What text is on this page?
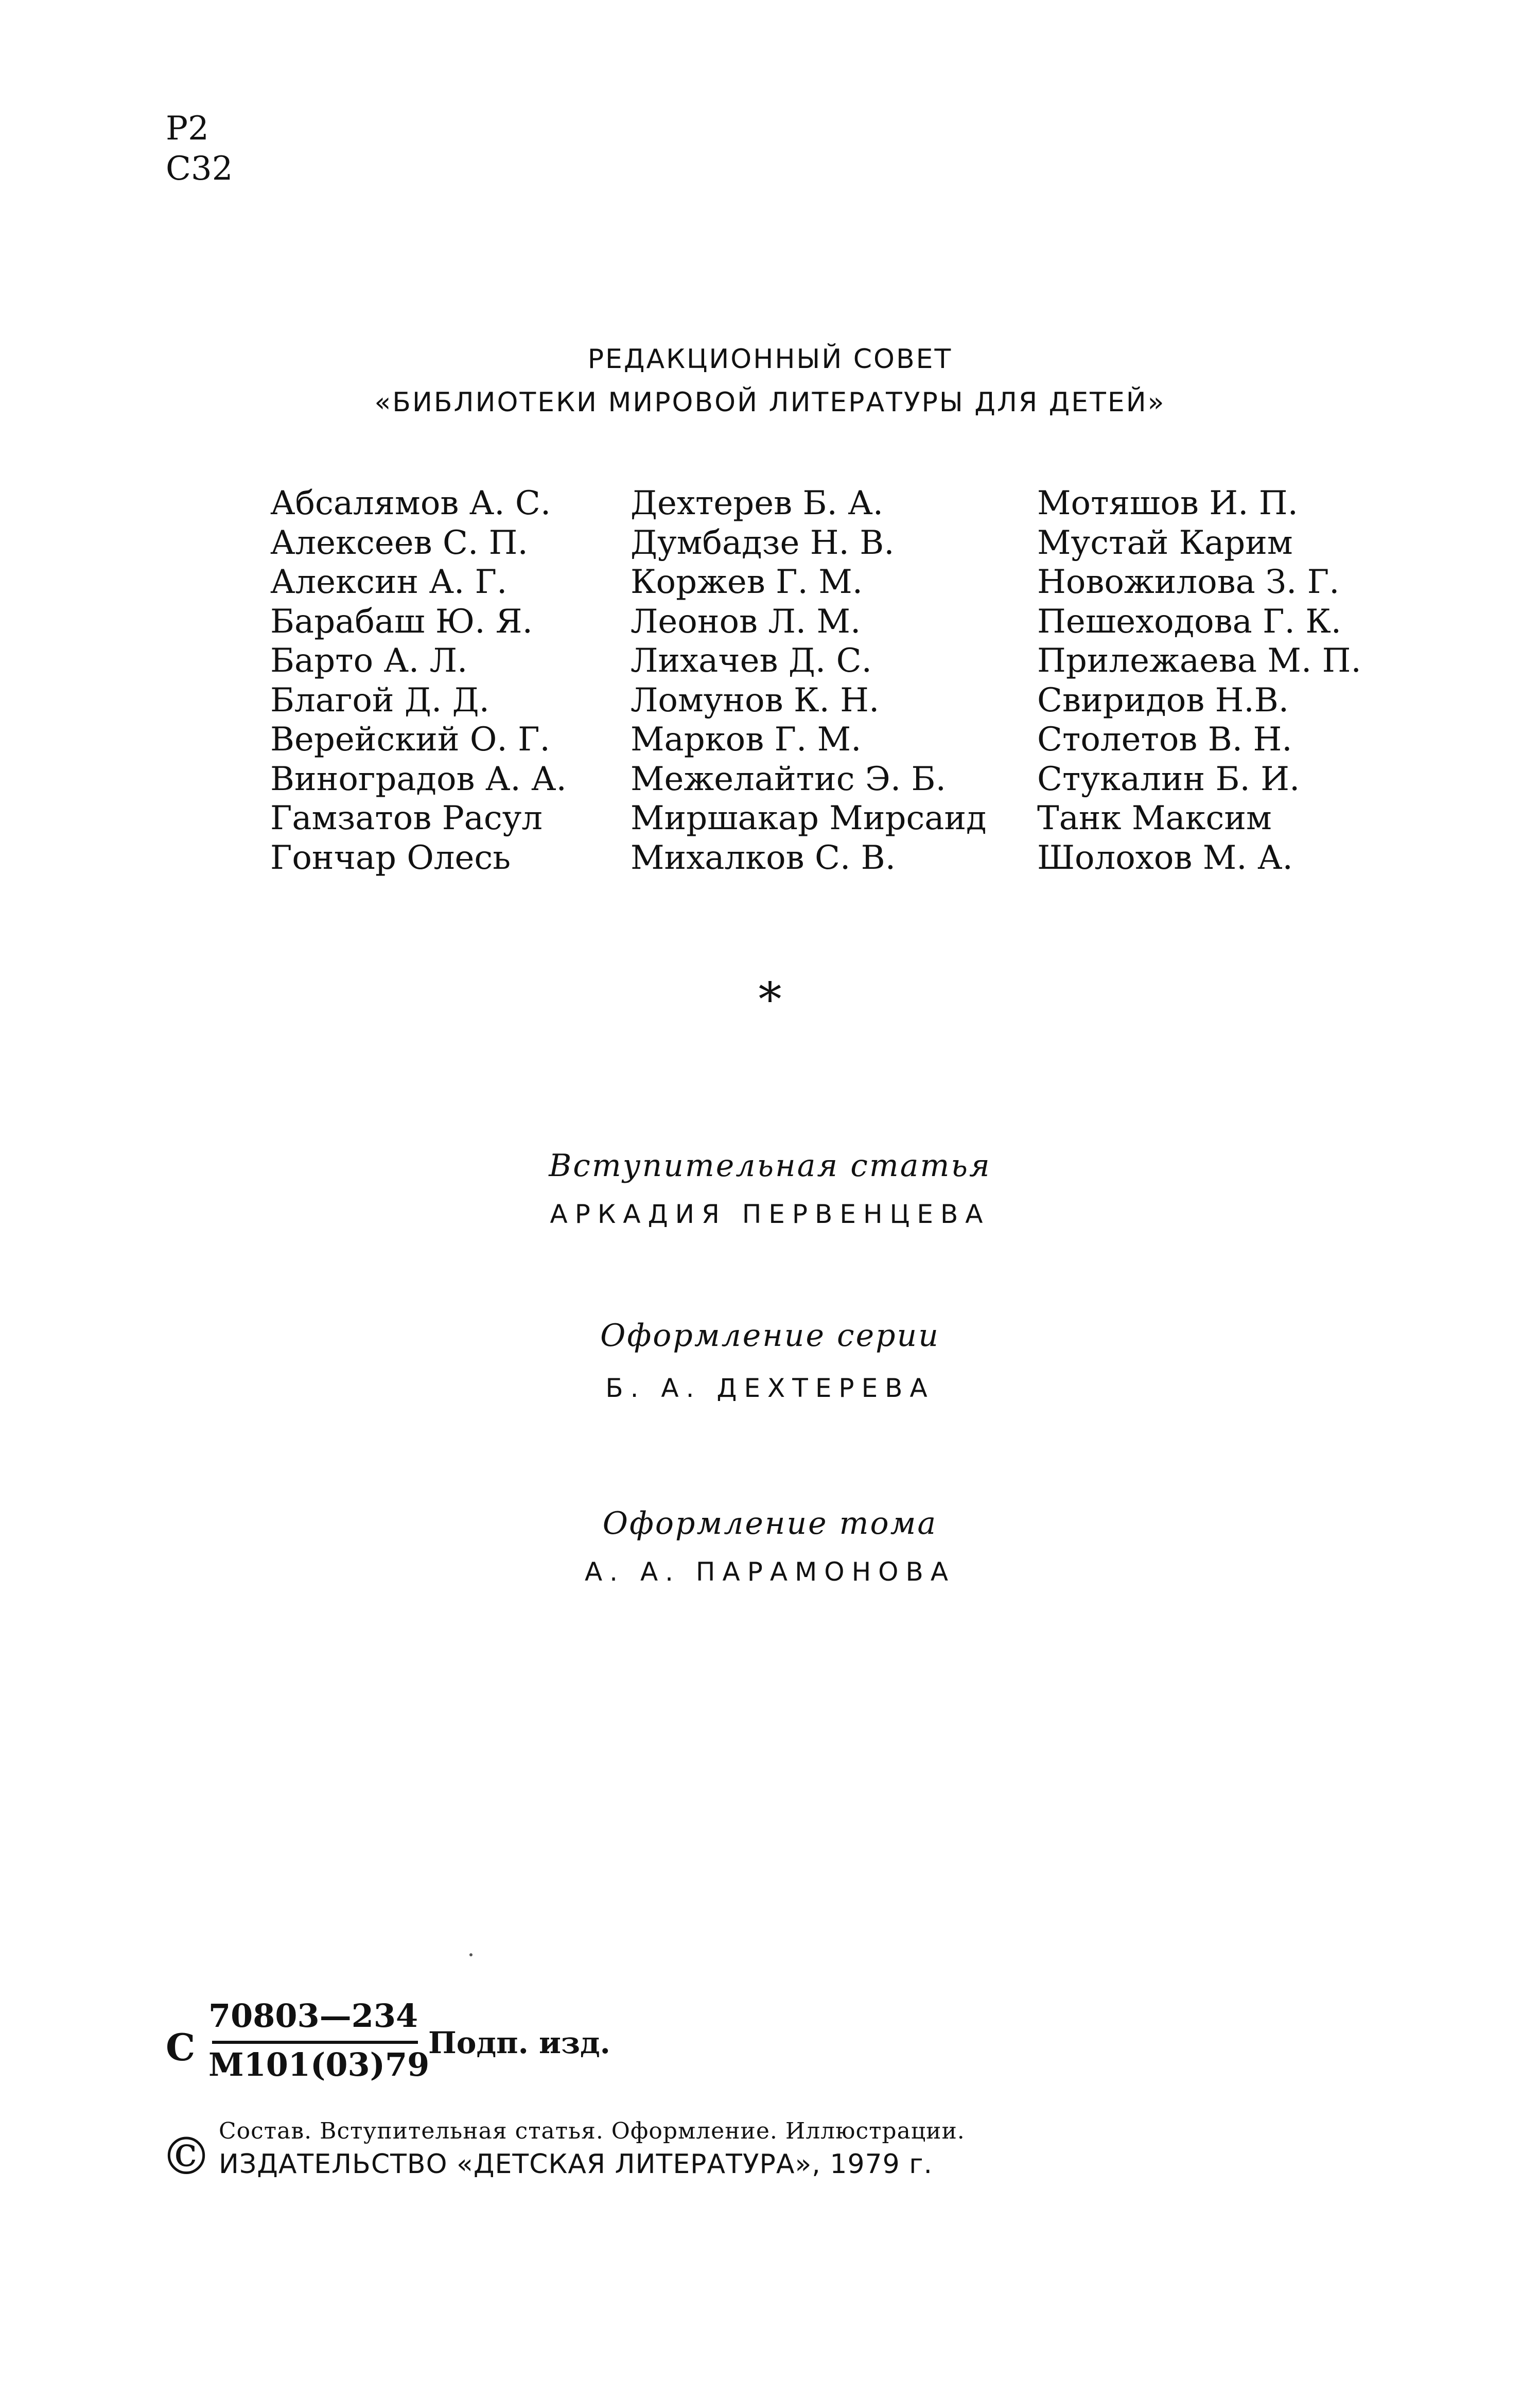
Р2
С32
РЕДАКЦИОННЫЙ СОВЕТ
«БИБЛИОТЕКИ МИРОВОЙ ЛИТЕРАТУРЫ ДЛЯ ДЕТЕЙ»
Абсалямов А. С.
Алексеев С. П.
Алексин А. Г.
Барабаш Ю. Я.
Барто А. Л.
Благой Д. Д.
Верейский О. Г.
Виноградов А. А.
Гамзатов Расул
Гончар Олесь
Дехтерев Б. А.
Думбадзе Н. В.
Коржев Г. М.
Леонов Л. М.
Лихачев Д. С.
Ломунов К. Н.
Марков Г. М.
Межелайтис Э. Б.
Миршакар Мирсаид
Михалков С. В.
Мотяшов И. П.
Мустай Карим
Новожилова З. Г.
Пешеходова Г. К.
Прилежаева М. П.
Свиридов Н.В.
Столетов В. Н.
Стукалин Б. И.
Танк Максим
Шолохов М. А.
*
Вступительная статья
АРКАДИЯ ПЕРВЕНЦЕВА
Оформление серии
Б. А. ДЕХТЕРЕВА
Оформление тома
А. А. ПАРАМОНОВА
С
70803—234
М101(03)79
Подп. изд.
© Состав. Вступительная статья. Оформление. Иллюстрации.
ИЗДАТЕЛЬСТВО «ДЕТСКАЯ ЛИТЕРАТУРА», 1979 г.
